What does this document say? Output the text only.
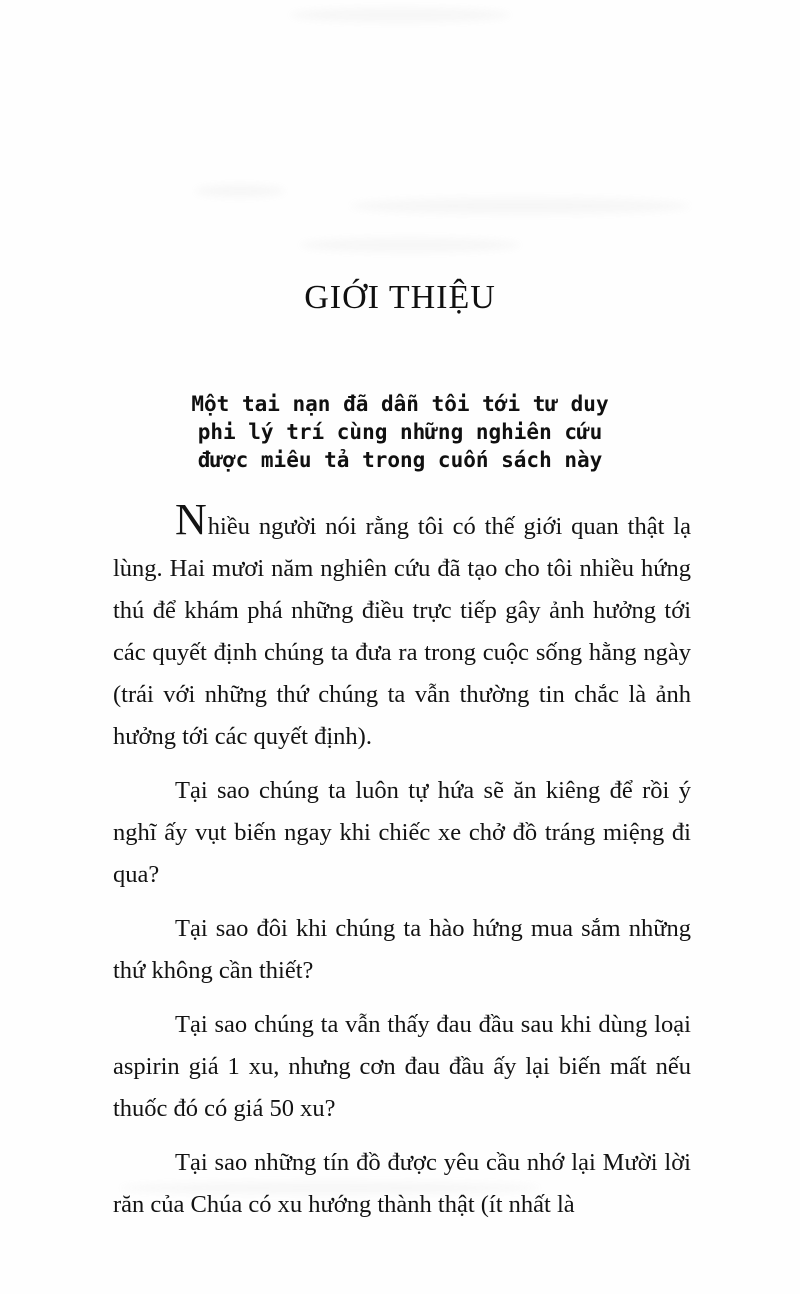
GIỚI THIỆU
Một tai nạn đã dẫn tôi tới tư duy
phi lý trí cùng những nghiên cứu
được miêu tả trong cuốn sách này

Nhiều người nói rằng tôi có thế giới quan thật lạ lùng. Hai mươi năm nghiên cứu đã tạo cho tôi nhiều hứng thú để khám phá những điều trực tiếp gây ảnh hưởng tới các quyết định chúng ta đưa ra trong cuộc sống hằng ngày (trái với những thứ chúng ta vẫn thường tin chắc là ảnh hưởng tới các quyết định).

Tại sao chúng ta luôn tự hứa sẽ ăn kiêng để rồi ý nghĩ ấy vụt biến ngay khi chiếc xe chở đồ tráng miệng đi qua?

Tại sao đôi khi chúng ta hào hứng mua sắm những thứ không cần thiết?

Tại sao chúng ta vẫn thấy đau đầu sau khi dùng loại aspirin giá 1 xu, nhưng cơn đau đầu ấy lại biến mất nếu thuốc đó có giá 50 xu?

Tại sao những tín đồ được yêu cầu nhớ lại Mười lời răn của Chúa có xu hướng thành thật (ít nhất là
